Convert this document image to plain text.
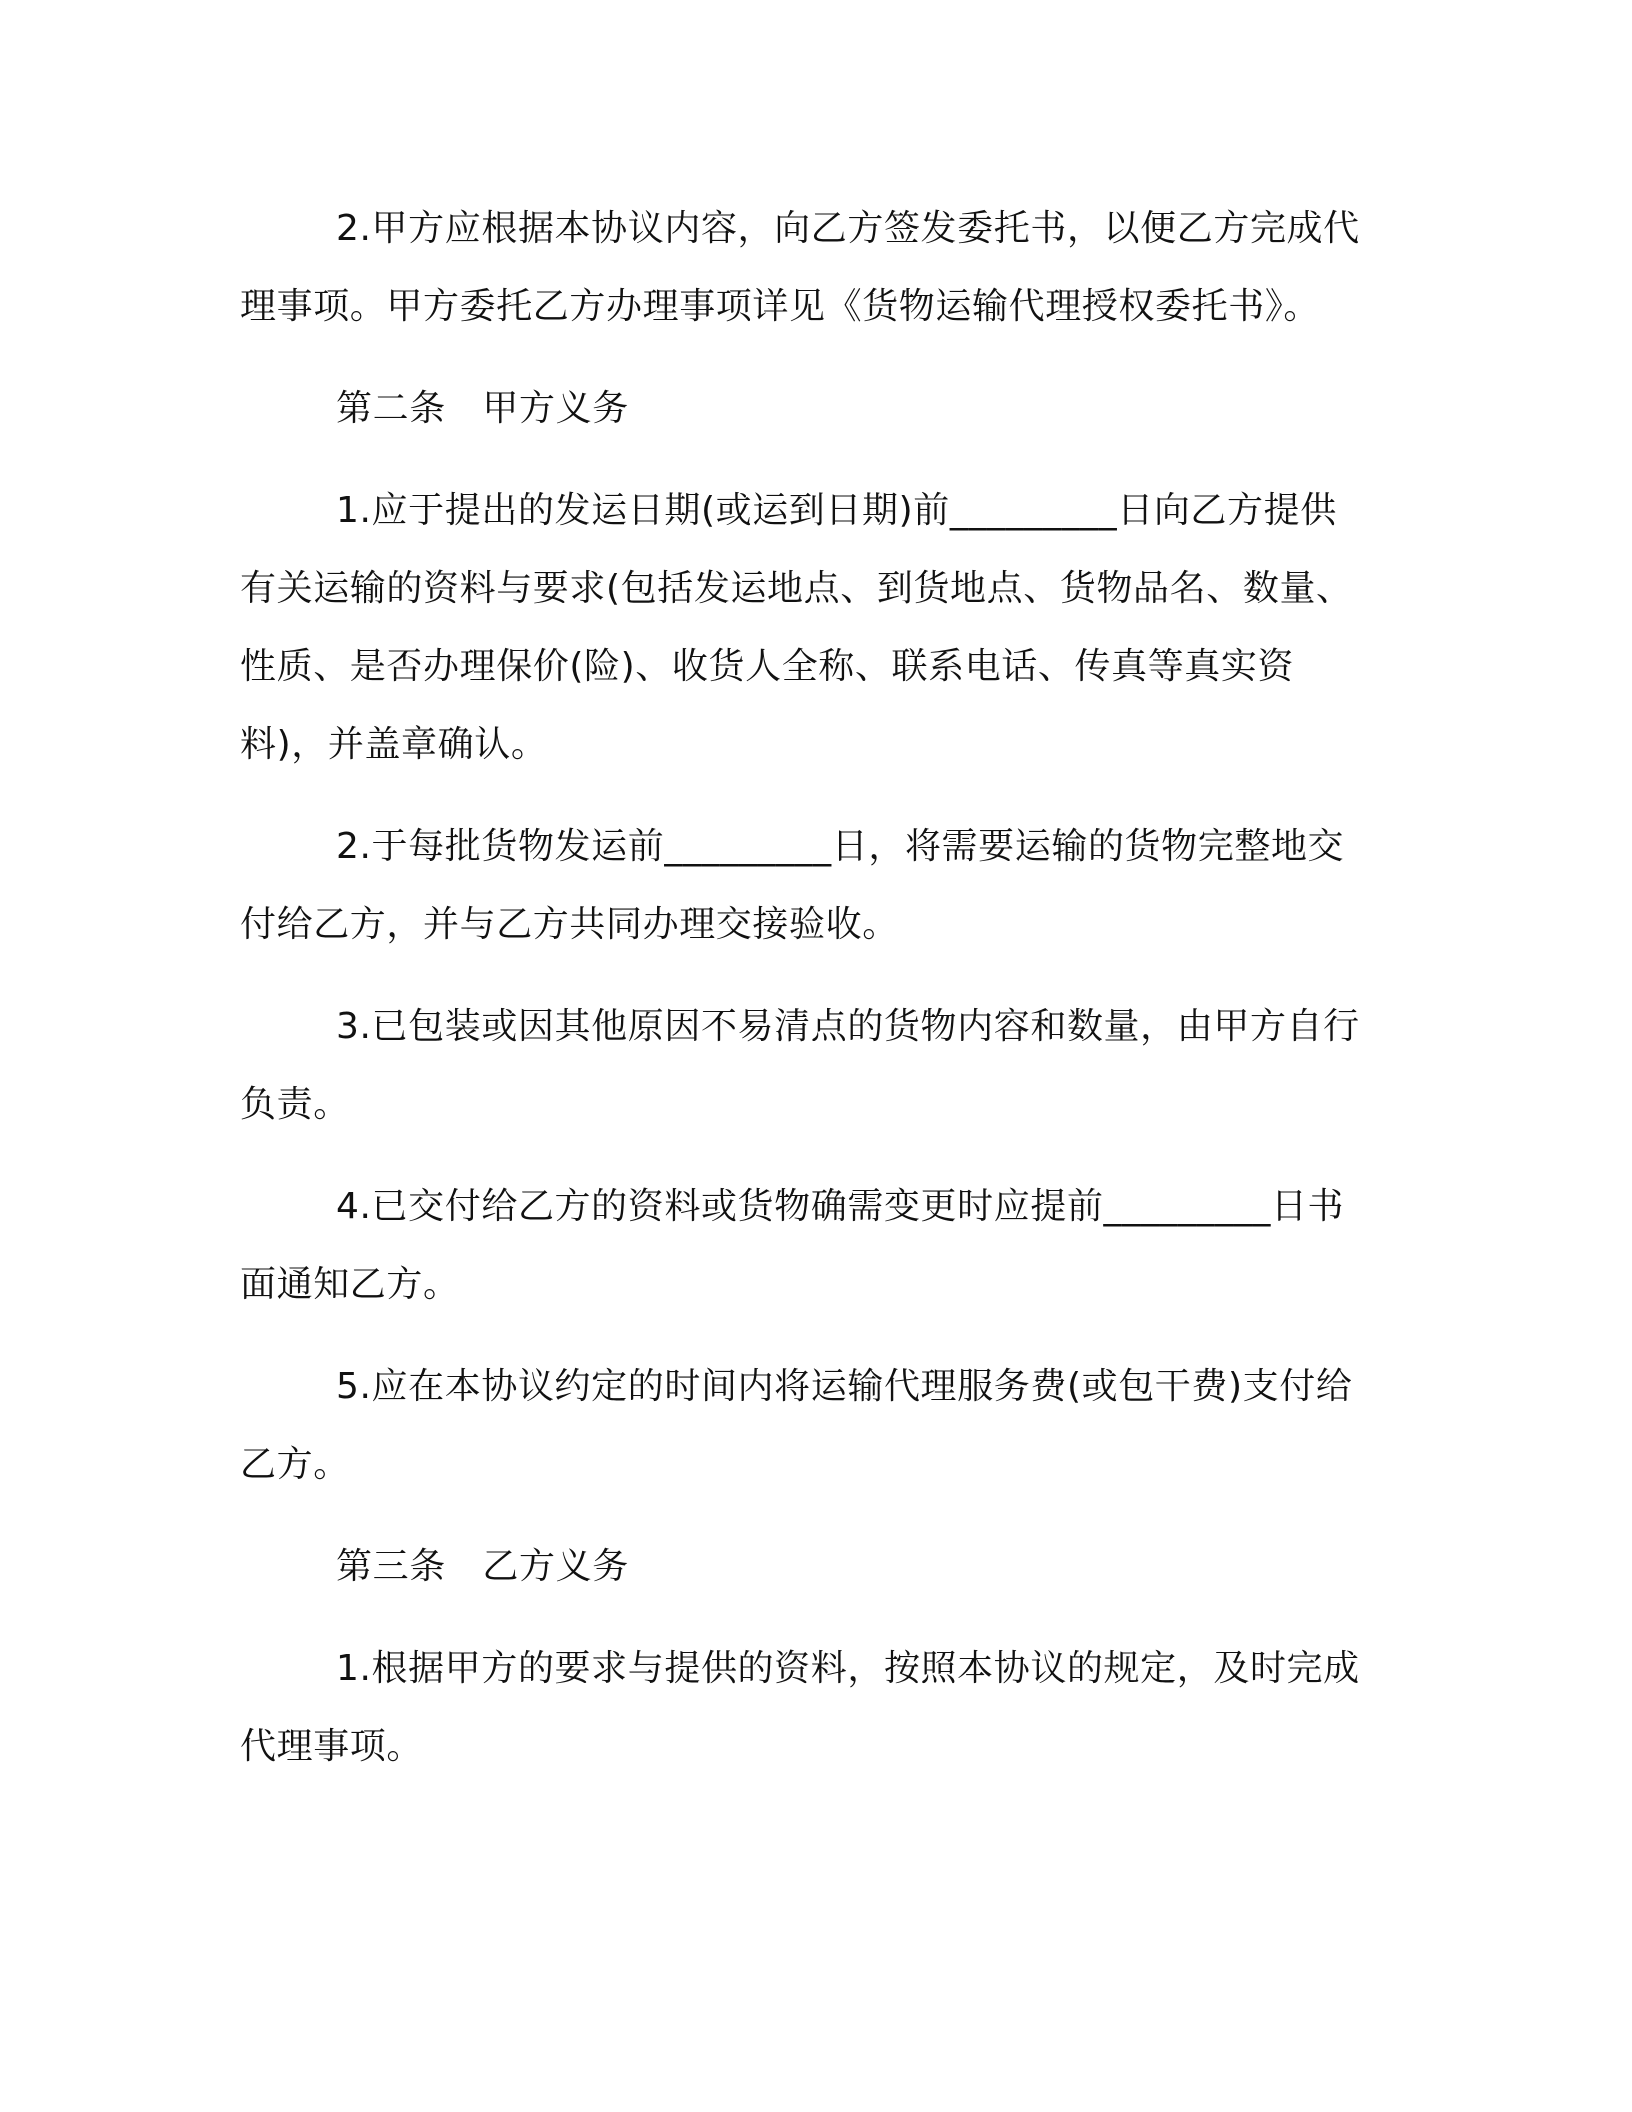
2.甲方应根据本协议内容，向乙方签发委托书，以便乙方完成代理事项。甲方委托乙方办理事项详见《货物运输代理授权委托书》。

第二条　甲方义务

1.应于提出的发运日期(或运到日期)前_________日向乙方提供有关运输的资料与要求(包括发运地点、到货地点、货物品名、数量、性质、是否办理保价(险)、收货人全称、联系电话、传真等真实资料)，并盖章确认。

2.于每批货物发运前_________日，将需要运输的货物完整地交付给乙方，并与乙方共同办理交接验收。

3.已包装或因其他原因不易清点的货物内容和数量，由甲方自行负责。

4.已交付给乙方的资料或货物确需变更时应提前_________日书面通知乙方。

5.应在本协议约定的时间内将运输代理服务费(或包干费)支付给乙方。

第三条　乙方义务

1.根据甲方的要求与提供的资料，按照本协议的规定，及时完成代理事项。
